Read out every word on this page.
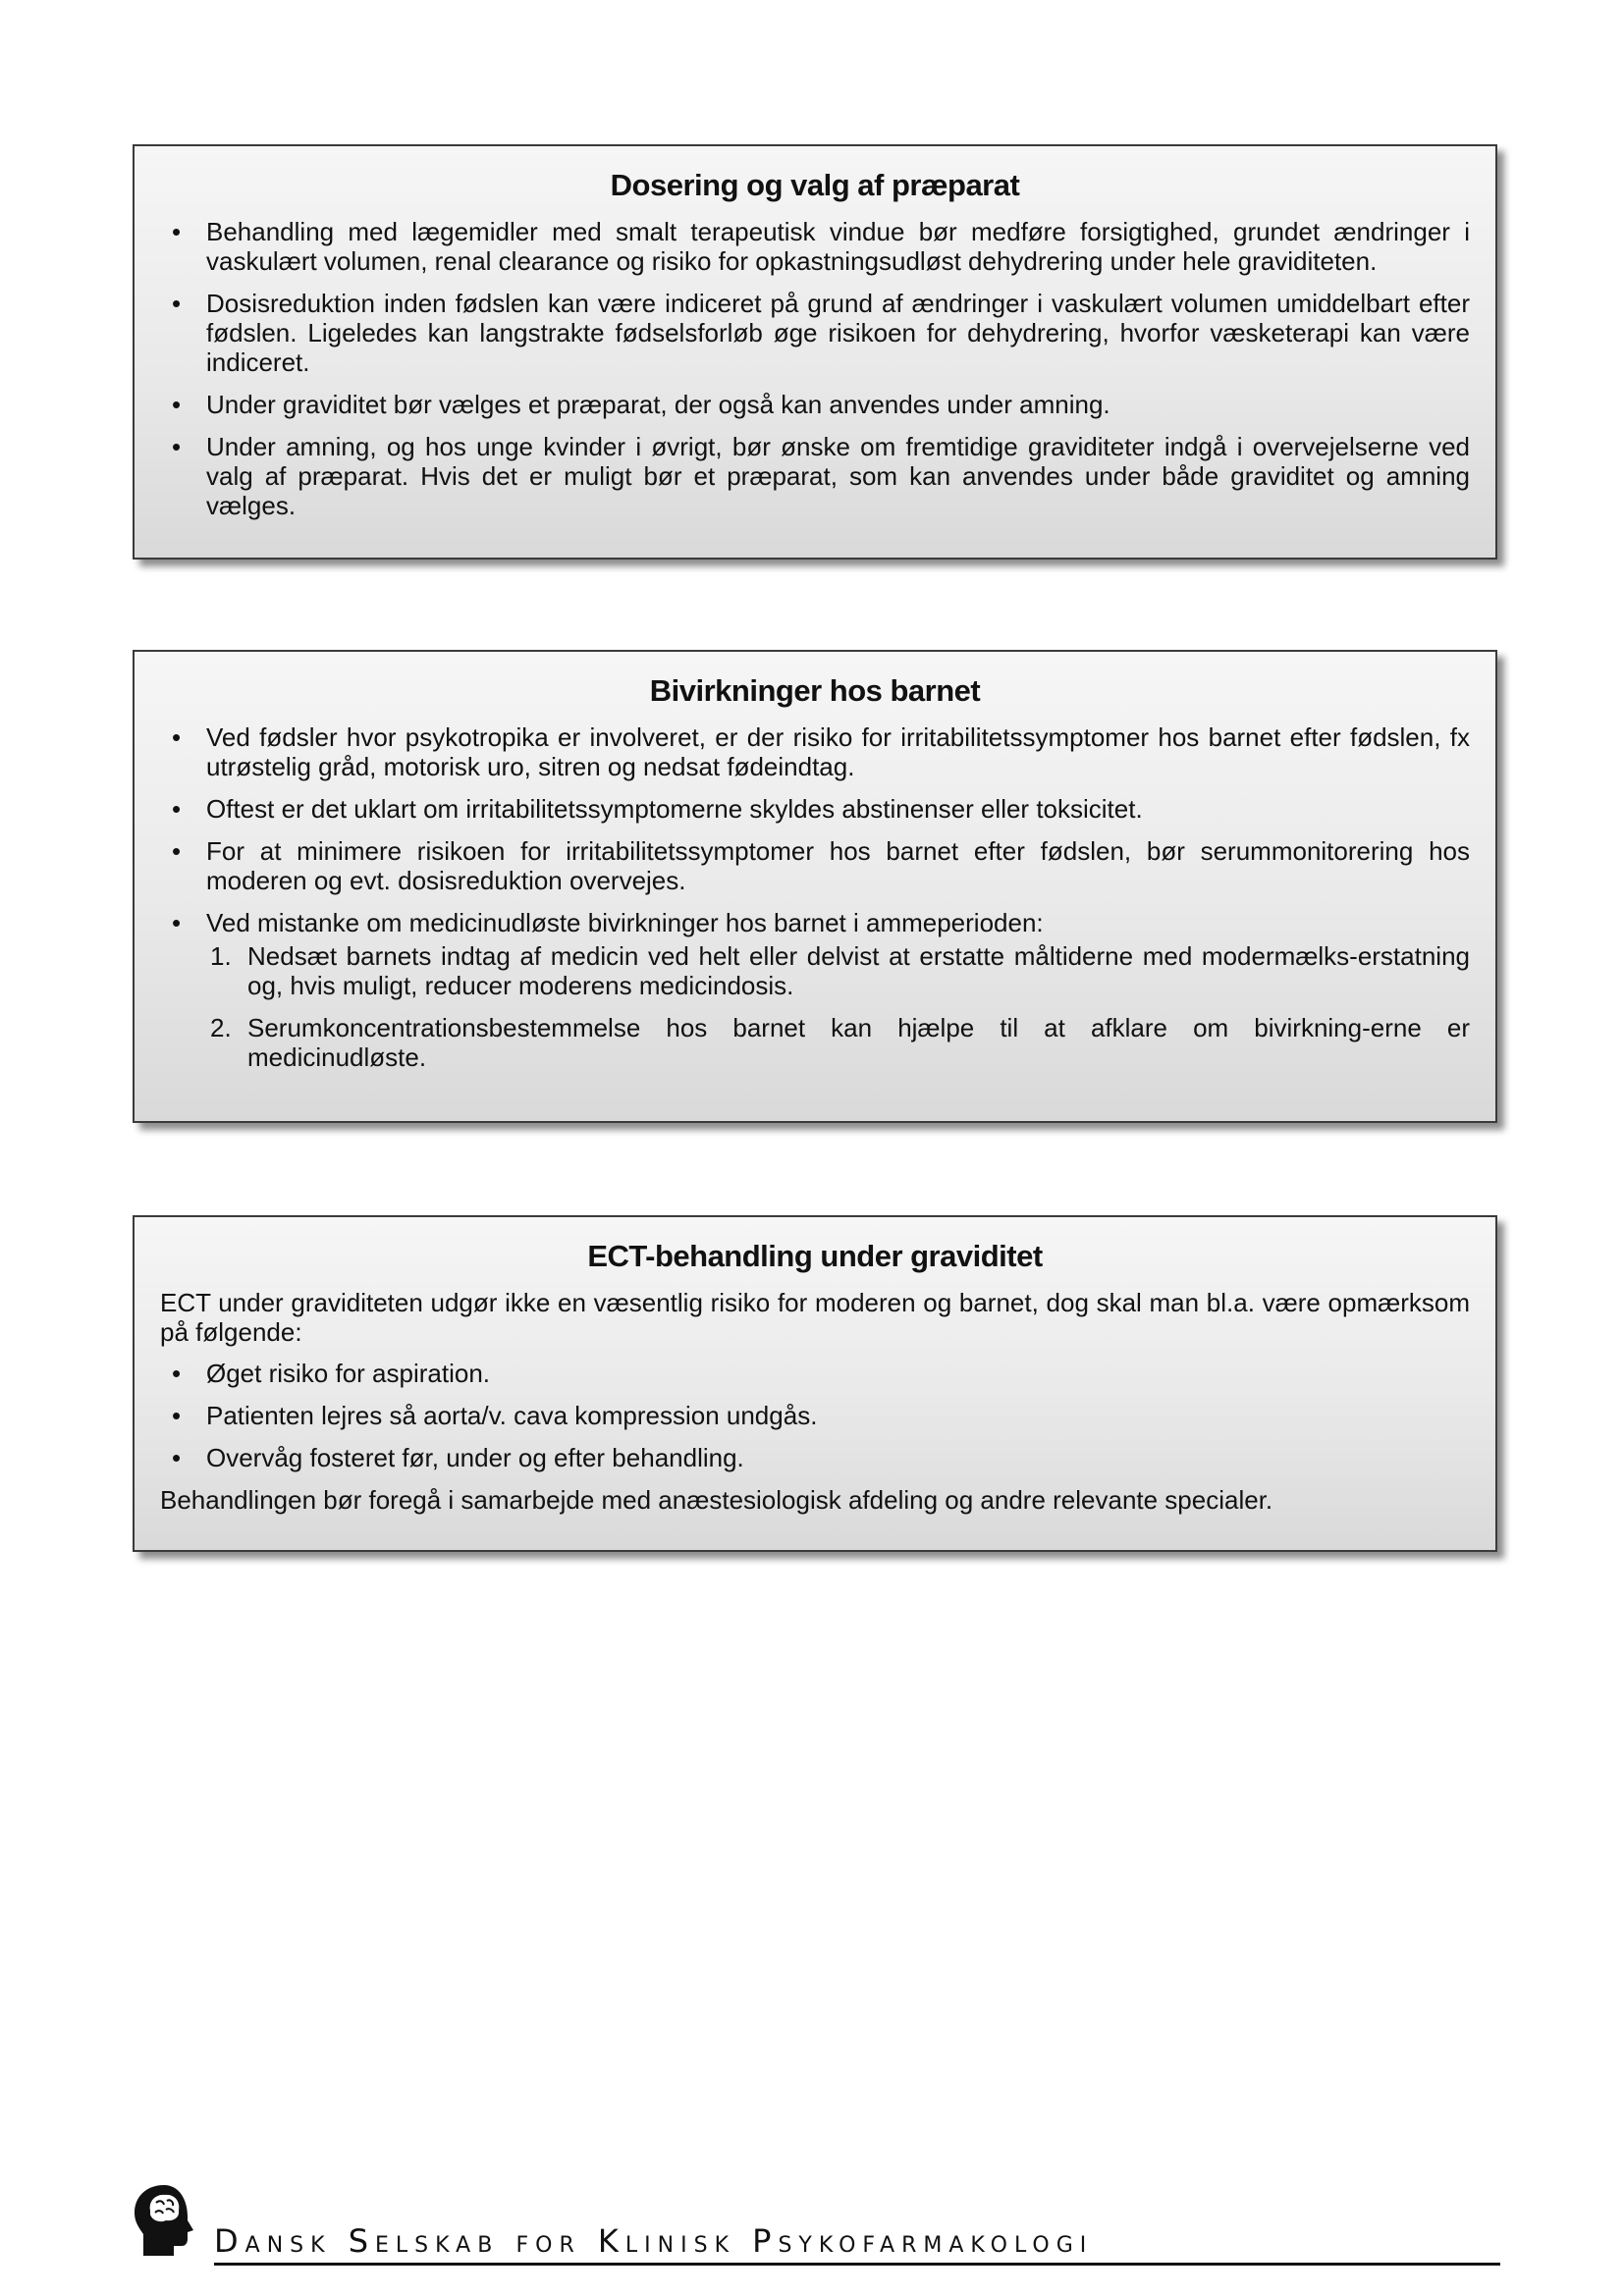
Dosering og valg af præparat
• Behandling med lægemidler med smalt terapeutisk vindue bør medføre forsigtighed, grundet ændringer i vaskulært volumen, renal clearance og risiko for opkastningsudløst dehydrering under hele graviditeten.
• Dosisreduktion inden fødslen kan være indiceret på grund af ændringer i vaskulært volumen umiddelbart efter fødslen. Ligeledes kan langstrakte fødselsforløb øge risikoen for dehydrering, hvorfor væsketerapi kan være indiceret.
• Under graviditet bør vælges et præparat, der også kan anvendes under amning.
• Under amning, og hos unge kvinder i øvrigt, bør ønske om fremtidige graviditeter indgå i overvejelserne ved valg af præparat. Hvis det er muligt bør et præparat, som kan anvendes under både graviditet og amning vælges.
Bivirkninger hos barnet
• Ved fødsler hvor psykotropika er involveret, er der risiko for irritabilitetssymptomer hos barnet efter fødslen, fx utrøstelig gråd, motorisk uro, sitren og nedsat fødeindtag.
• Oftest er det uklart om irritabilitetssymptomerne skyldes abstinenser eller toksicitet.
• For at minimere risikoen for irritabilitetssymptomer hos barnet efter fødslen, bør serummonitorering hos moderen og evt. dosisreduktion overvejes.
• Ved mistanke om medicinudløste bivirkninger hos barnet i ammeperioden:
1. Nedsæt barnets indtag af medicin ved helt eller delvist at erstatte måltiderne med modermælks-erstatning og, hvis muligt, reducer moderens medicindosis.
2. Serumkoncentrationsbestemmelse hos barnet kan hjælpe til at afklare om bivirkning-erne er medicinudløste.
ECT-behandling under graviditet

ECT under graviditeten udgør ikke en væsentlig risiko for moderen og barnet, dog skal man bl.a. være opmærksom på følgende:

• Øget risiko for aspiration.
• Patienten lejres så aorta/v. cava kompression undgås.
• Overvåg fosteret før, under og efter behandling.

Behandlingen bør foregå i samarbejde med anæstesiologisk afdeling og andre relevante specialer.

Dansk Selskab for Klinisk Psykofarmakologi
